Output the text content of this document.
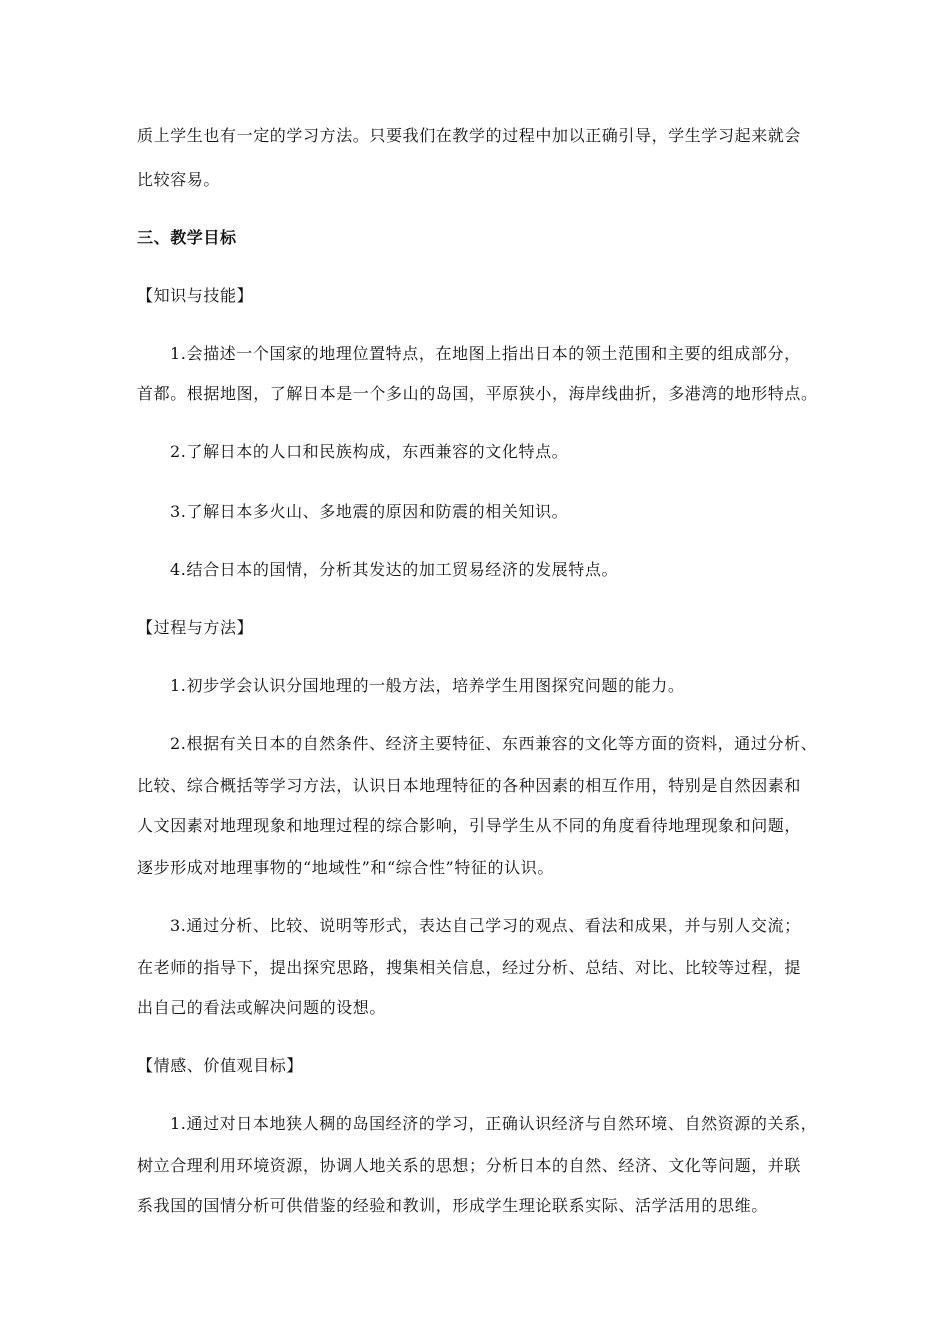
质上学生也有一定的学习方法。只要我们在教学的过程中加以正确引导，学生学习起来就会
比较容易。
三、教学目标
【知识与技能】
1.会描述一个国家的地理位置特点，在地图上指出日本的领土范围和主要的组成部分，
首都。根据地图，了解日本是一个多山的岛国，平原狭小，海岸线曲折，多港湾的地形特点。
2.了解日本的人口和民族构成，东西兼容的文化特点。
3.了解日本多火山、多地震的原因和防震的相关知识。
4.结合日本的国情，分析其发达的加工贸易经济的发展特点。
【过程与方法】
1.初步学会认识分国地理的一般方法，培养学生用图探究问题的能力。
2.根据有关日本的自然条件、经济主要特征、东西兼容的文化等方面的资料，通过分析、
比较、综合概括等学习方法，认识日本地理特征的各种因素的相互作用，特别是自然因素和
人文因素对地理现象和地理过程的综合影响，引导学生从不同的角度看待地理现象和问题，
逐步形成对地理事物的“地域性”和“综合性”特征的认识。
3.通过分析、比较、说明等形式，表达自己学习的观点、看法和成果，并与别人交流；
在老师的指导下，提出探究思路，搜集相关信息，经过分析、总结、对比、比较等过程，提
出自己的看法或解决问题的设想。
【情感、价值观目标】
1.通过对日本地狭人稠的岛国经济的学习，正确认识经济与自然环境、自然资源的关系，
树立合理利用环境资源，协调人地关系的思想；分析日本的自然、经济、文化等问题，并联
系我国的国情分析可供借鉴的经验和教训，形成学生理论联系实际、活学活用的思维。
